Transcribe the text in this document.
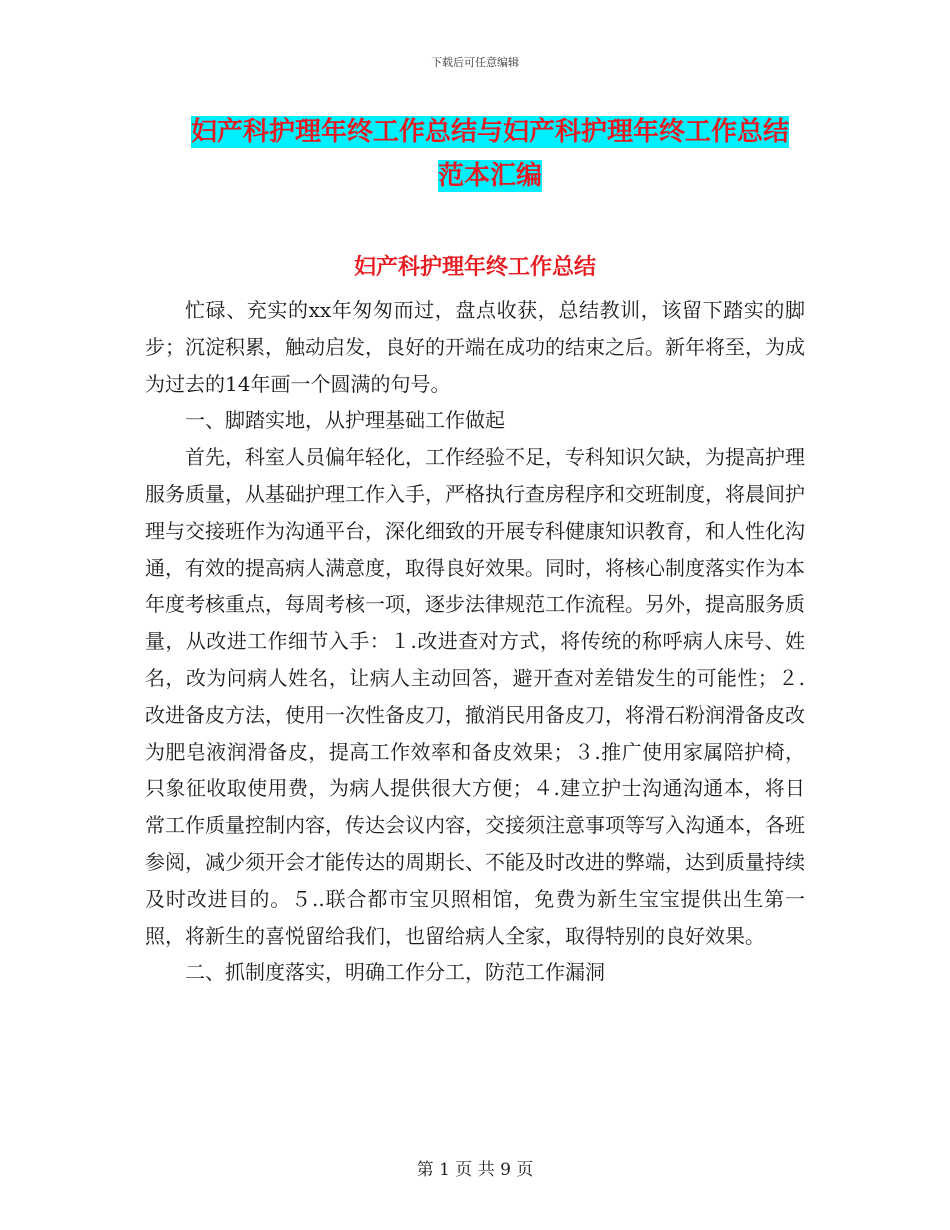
下载后可任意编辑
妇产科护理年终工作总结与妇产科护理年终工作总结
范本汇编
妇产科护理年终工作总结

忙碌、充实的xx年匆匆而过，盘点收获，总结教训，该留下踏实的脚步；沉淀积累，触动启发，良好的开端在成功的结束之后。新年将至，为成为过去的14年画一个圆满的句号。

一、脚踏实地，从护理基础工作做起

首先，科室人员偏年轻化，工作经验不足，专科知识欠缺，为提高护理服务质量，从基础护理工作入手，严格执行查房程序和交班制度，将晨间护理与交接班作为沟通平台，深化细致的开展专科健康知识教育，和人性化沟通，有效的提高病人满意度，取得良好效果。同时，将核心制度落实作为本年度考核重点，每周考核一项，逐步法律规范工作流程。另外，提高服务质量，从改进工作细节入手：１.改进查对方式，将传统的称呼病人床号、姓名，改为问病人姓名，让病人主动回答，避开查对差错发生的可能性；２.改进备皮方法，使用一次性备皮刀，撤消民用备皮刀，将滑石粉润滑备皮改为肥皂液润滑备皮，提高工作效率和备皮效果；３.推广使用家属陪护椅，只象征收取使用费，为病人提供很大方便；４.建立护士沟通沟通本，将日常工作质量控制内容，传达会议内容，交接须注意事项等写入沟通本，各班参阅，减少须开会才能传达的周期长、不能及时改进的弊端，达到质量持续及时改进目的。５..联合都市宝贝照相馆，免费为新生宝宝提供出生第一照，将新生的喜悦留给我们，也留给病人全家，取得特别的良好效果。

二、抓制度落实，明确工作分工，防范工作漏洞

第 1 页 共 9 页
